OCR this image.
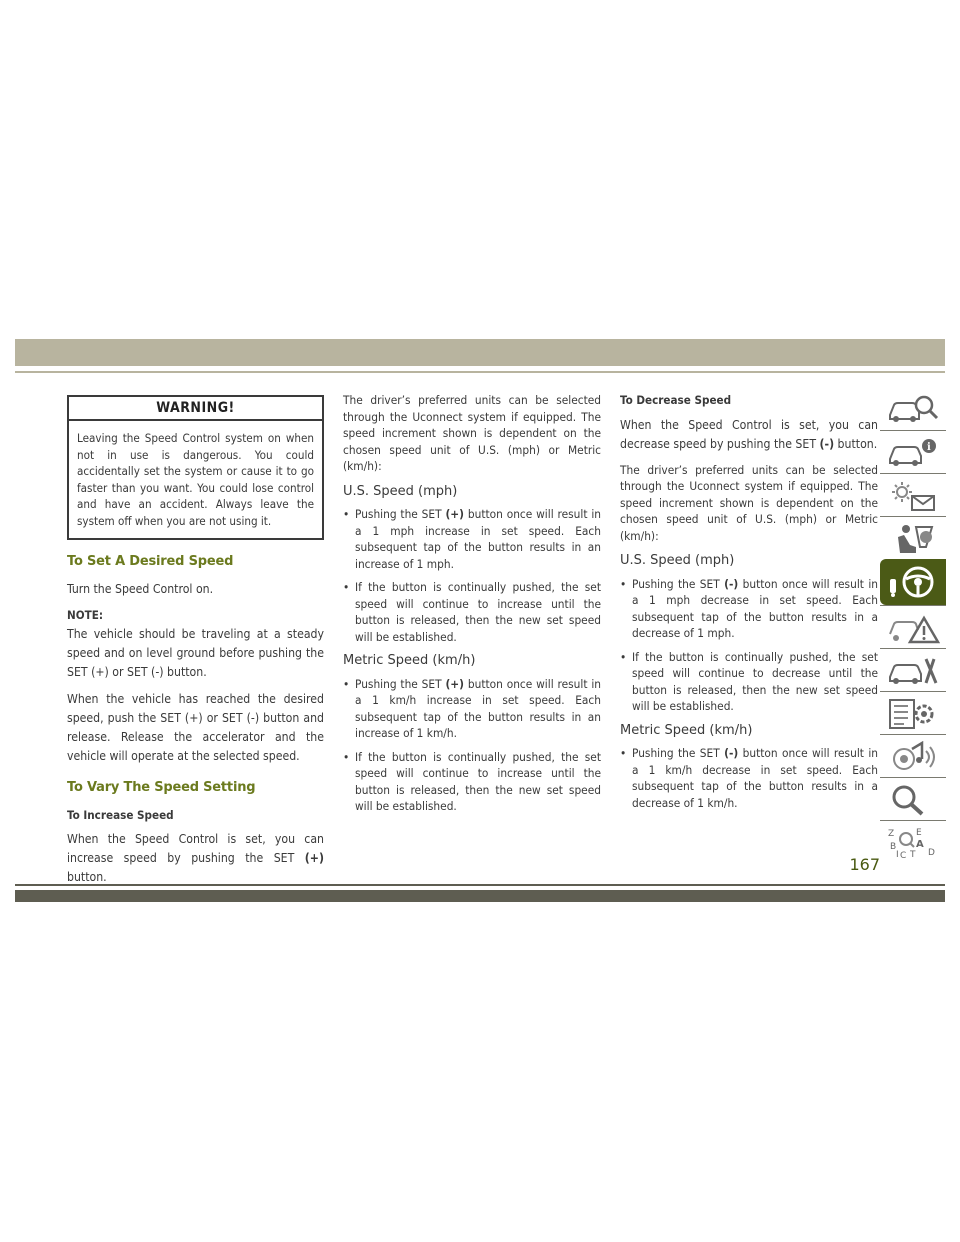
WARNING!
Leaving the Speed Control system on when not in use is dangerous. You could accidentally set the system or cause it to go faster than you want. You could lose control and have an accident. Always leave the system off when you are not using it.
To Set A Desired Speed

Turn the Speed Control on.

NOTE:

The vehicle should be traveling at a steady speed and on level ground before pushing the SET (+) or SET (-) button.

When the vehicle has reached the desired speed, push the SET (+) or SET (-) button and release. Release the accelerator and the vehicle will operate at the selected speed.

To Vary The Speed Setting
To Increase Speed

When the Speed Control is set, you can increase speed by pushing the SET (+) button.

The driver’s preferred units can be selected through the Uconnect system if equipped. The speed increment shown is dependent on the chosen speed unit of U.S. (mph) or Metric (km/h):

U.S. Speed (mph)
• Pushing the SET (+) button once will result in a 1 mph increase in set speed. Each subsequent tap of the button results in an increase of 1 mph.
• If the button is continually pushed, the set speed will continue to increase until the button is released, then the new set speed will be established.
Metric Speed (km/h)
• Pushing the SET (+) button once will result in a 1 km/h increase in set speed. Each subsequent tap of the button results in an increase of 1 km/h.
• If the button is continually pushed, the set speed will continue to increase until the button is released, then the new set speed will be established.
To Decrease Speed

When the Speed Control is set, you can decrease speed by pushing the SET (-) button.

The driver’s preferred units can be selected through the Uconnect system if equipped. The speed increment shown is dependent on the chosen speed unit of U.S. (mph) or Metric (km/h):

U.S. Speed (mph)
• Pushing the SET (-) button once will result in a 1 mph decrease in set speed. Each subsequent tap of the button results in a decrease of 1 mph.
• If the button is continually pushed, the set speed will continue to decrease until the button is released, then the new set speed will be established.
Metric Speed (km/h)
• Pushing the SET (-) button once will result in a 1 km/h decrease in set speed. Each subsequent tap of the button results in a decrease of 1 km/h.
i
Z E
B A
C D
I T
167
